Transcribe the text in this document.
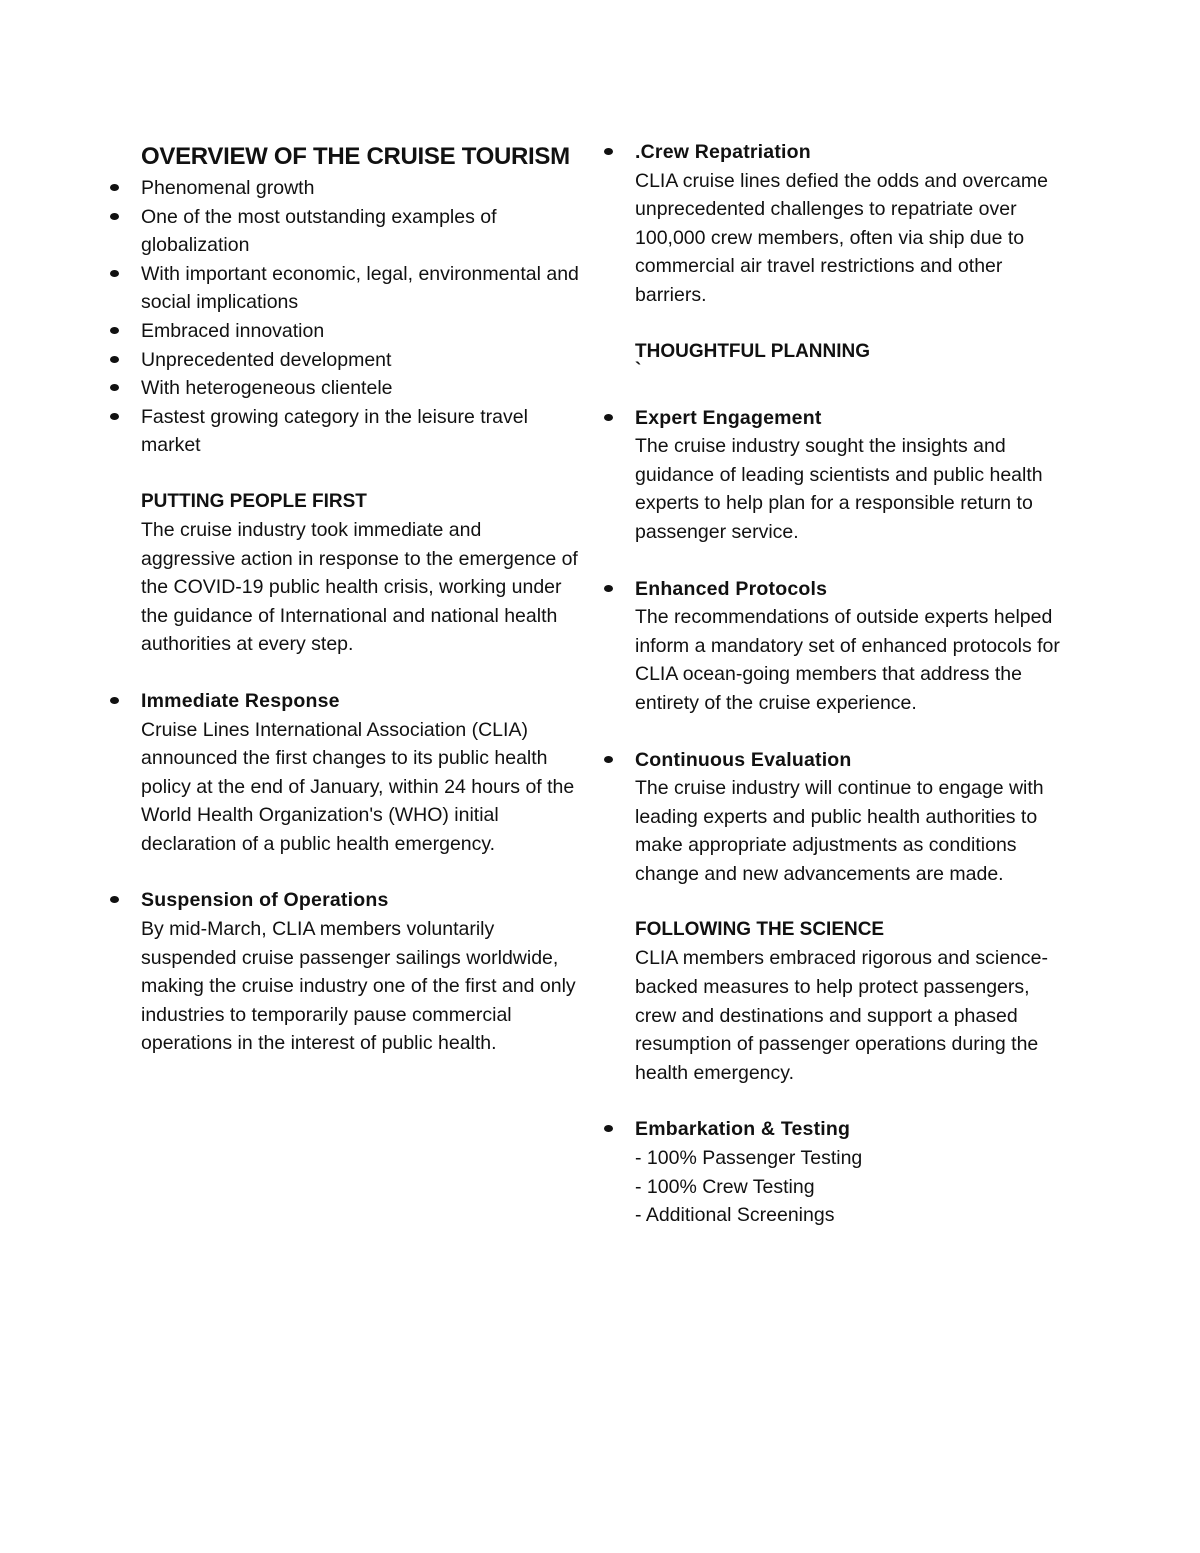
OVERVIEW OF THE CRUISE TOURISM
Phenomenal growth
One of the most outstanding examples of globalization
With important economic, legal, environmental and social implications
Embraced innovation
Unprecedented development
With heterogeneous clientele
Fastest growing category in the leisure travel market
PUTTING PEOPLE FIRST

The cruise industry took immediate and aggressive action in response to the emergence of the COVID-19 public health crisis, working under the guidance of International and national health authorities at every step.

Immediate Response
Cruise Lines International Association (CLIA) announced the first changes to its public health policy at the end of January, within 24 hours of the World Health Organization's (WHO) initial declaration of a public health emergency.
Suspension of Operations
By mid-March, CLIA members voluntarily suspended cruise passenger sailings worldwide, making the cruise industry one of the first and only industries to temporarily pause commercial operations in the interest of public health.
.Crew Repatriation
CLIA cruise lines defied the odds and overcame unprecedented challenges to repatriate over 100,000 crew members, often via ship due to commercial air travel restrictions and other barriers.
THOUGHTFUL PLANNING
`
Expert Engagement
The cruise industry sought the insights and guidance of leading scientists and public health experts to help plan for a responsible return to passenger service.
Enhanced Protocols
The recommendations of outside experts helped inform a mandatory set of enhanced protocols for CLIA ocean-going members that address the entirety of the cruise experience.
Continuous Evaluation
The cruise industry will continue to engage with leading experts and public health authorities to make appropriate adjustments as conditions change and new advancements are made.
FOLLOWING THE SCIENCE

CLIA members embraced rigorous and science-backed measures to help protect passengers, crew and destinations and support a phased resumption of passenger operations during the health emergency.

Embarkation & Testing
- 100% Passenger Testing
- 100% Crew Testing
- Additional Screenings
